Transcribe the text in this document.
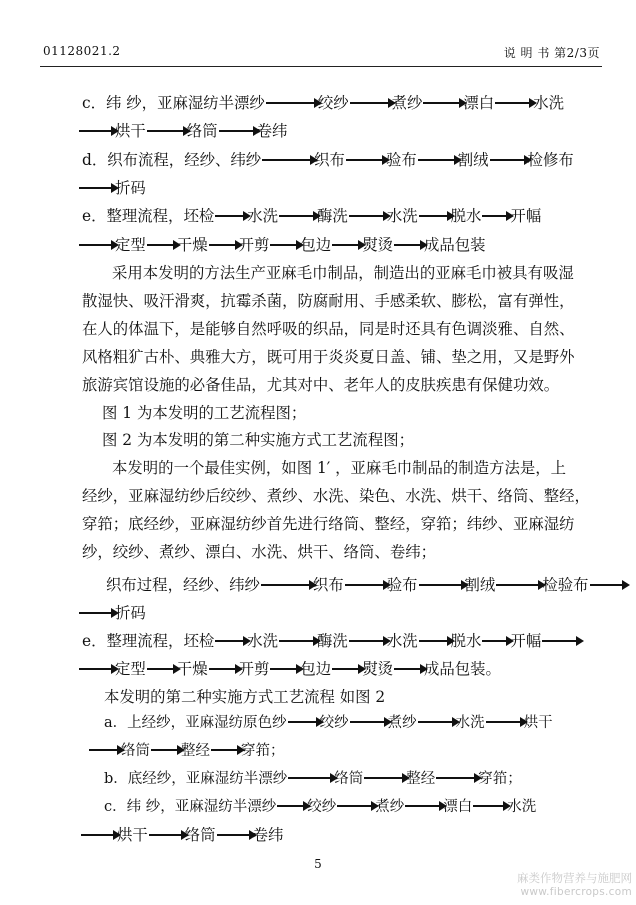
01128021.2	说 明 书 第2/3页
c．纬 纱，亚麻湿纺半漂纱	绞纱	煮纱	漂白	水洗
烘干	络筒	卷纬
d．织布流程，经纱、纬纱	织布	验布	割绒	检修布
折码
e．整理流程，坯检 水洗	酶洗	水洗 脱水 开幅
定型 干燥 开剪 包边 熨烫 成品包装
采用本发明的方法生产亚麻毛巾制品，制造出的亚麻毛巾被具有吸湿
散湿快、吸汗滑爽，抗霉杀菌，防腐耐用、手感柔软、膨松，富有弹性，
在人的体温下，是能够自然呼吸的织品，同是时还具有色调淡雅、自然、
风格粗犷古朴、典雅大方，既可用于炎炎夏日盖、铺、垫之用，又是野外
旅游宾馆设施的必备佳品，尤其对中、老年人的皮肤疾患有保健功效。
图 1 为本发明的工艺流程图；
图 2 为本发明的第二种实施方式工艺流程图；
本发明的一个最佳实例，如图 1′ ，亚麻毛巾制品的制造方法是，上
经纱，亚麻湿纺纱后绞纱、煮纱、水洗、染色、水洗、烘干、络筒、整经，
穿筘；底经纱，亚麻湿纺纱首先进行络筒、整经，穿筘；纬纱、亚麻湿纺
纱，绞纱、煮纱、漂白、水洗、烘干、络筒、卷纬；
织布过程，经纱、纬纱	织布	验布	割绒	检验布
折码
e．整理流程，坯检 水洗	酶洗	水洗 脱水 开幅
定型 干燥 开剪 包边 熨烫 成品包装。
本发明的第二种实施方式工艺流程 如图 2
a．上经纱，亚麻湿纺原色纱 绞纱	煮纱	水洗	烘干
络筒 整经 穿筘；
b．底经纱，亚麻湿纺半漂纱	络筒	整经	穿筘；
c．纬 纱，亚麻湿纺半漂纱 绞纱	煮纱	漂白 水洗
烘干 络筒 卷纬
5
麻类作物营养与施肥网
www.fibercrops.com
